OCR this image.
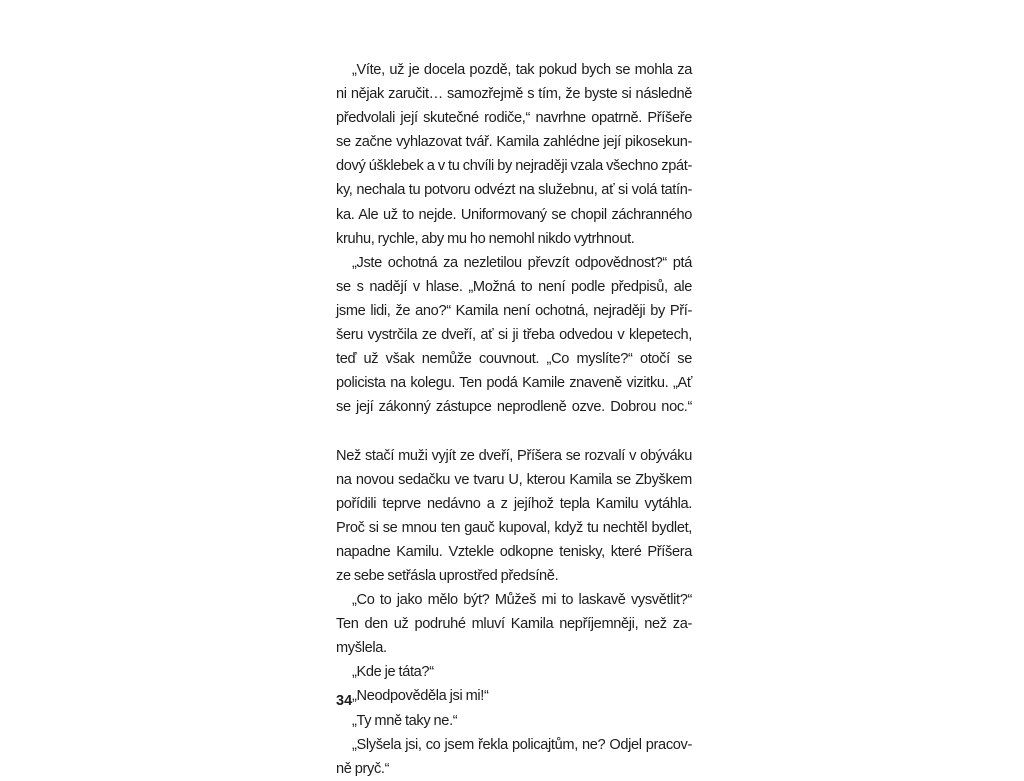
„Víte, už je docela pozdě, tak pokud bych se mohla za
ni nějak zaručit… samozřejmě s tím, že byste si následně
předvolali její skutečné rodiče,“ navrhne opatrně. Příšeře
se začne vyhlazovat tvář. Kamila zahlédne její pikosekun-
dový úšklebek a v tu chvíli by nejraději vzala všechno zpát-
ky, nechala tu potvoru odvézt na služebnu, ať si volá tatín-
ka. Ale už to nejde. Uniformovaný se chopil záchranného
kruhu, rychle, aby mu ho nemohl nikdo vytrhnout.
„Jste ochotná za nezletilou převzít odpovědnost?“ ptá
se s nadějí v hlase. „Možná to není podle předpisů, ale
jsme lidi, že ano?“ Kamila není ochotná, nejraději by Pří-
šeru vystrčila ze dveří, ať si ji třeba odvedou v klepetech,
teď už však nemůže couvnout. „Co myslíte?“ otočí se
policista na kolegu. Ten podá Kamile znaveně vizitku. „Ať
se její zákonný zástupce neprodleně ozve. Dobrou noc.“
Než stačí muži vyjít ze dveří, Příšera se rozvalí v obýváku
na novou sedačku ve tvaru U, kterou Kamila se Zbyškem
pořídili teprve nedávno a z jejíhož tepla Kamilu vytáhla.
Proč si se mnou ten gauč kupoval, když tu nechtěl bydlet,
napadne Kamilu. Vztekle odkopne tenisky, které Příšera
ze sebe setřásla uprostřed předsíně.
„Co to jako mělo být? Můžeš mi to laskavě vysvětlit?“
Ten den už podruhé mluví Kamila nepříjemněji, než za-
myšlela.
„Kde je táta?“
„Neodpověděla jsi mi!“
„Ty mně taky ne.“
„Slyšela jsi, co jsem řekla policajtům, ne? Odjel pracov-
ně pryč.“
34
